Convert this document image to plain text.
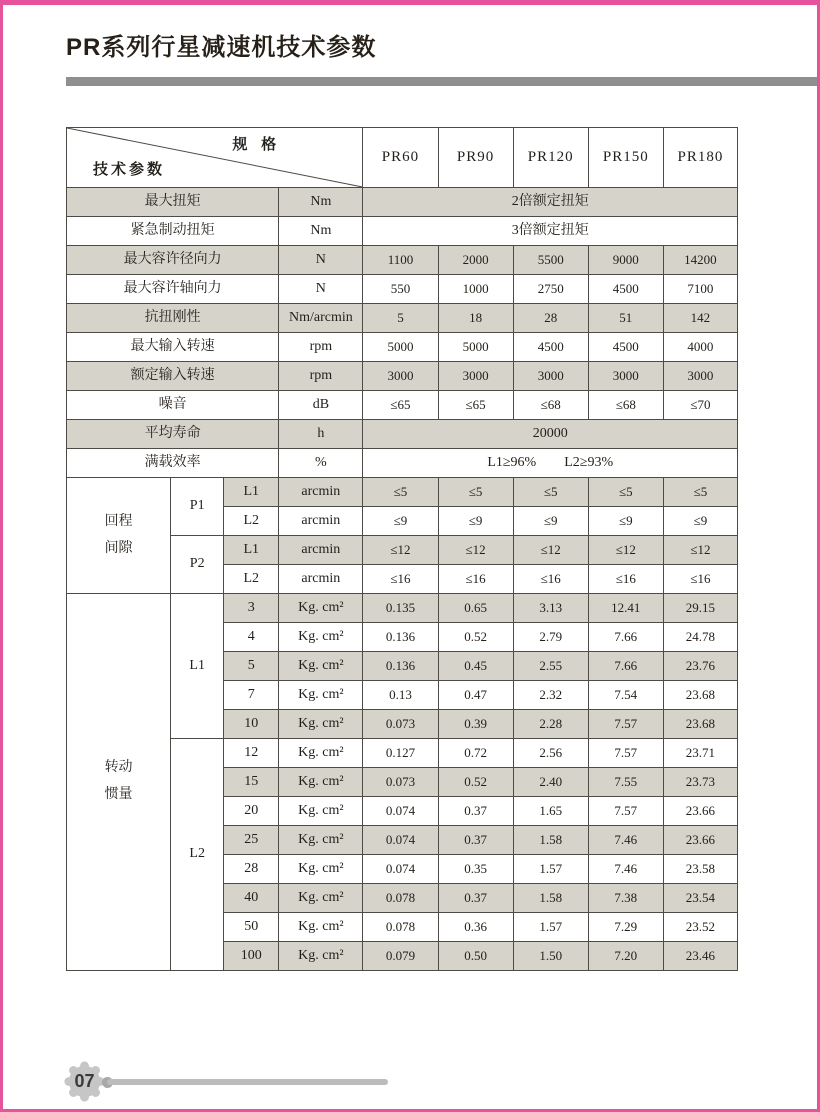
PR系列行星减速机技术参数
规 格
技术参数				PR60	PR90	PR120	PR150	PR180
最大扭矩			Nm	2倍额定扭矩				
紧急制动扭矩			Nm	3倍额定扭矩				
最大容许径向力			N	1100	2000	5500	9000	14200
最大容许轴向力			N	550	1000	2750	4500	7100
抗扭刚性			Nm/arcmin	5	18	28	51	142
最大输入转速			rpm	5000	5000	4500	4500	4000
额定输入转速			rpm	3000	3000	3000	3000	3000
噪音			dB	≤65	≤65	≤68	≤68	≤70
平均寿命			h	20000				
满载效率			%	L1≥96%　　L2≥93%				

回程
间隙	P1	L1	arcmin	≤5	≤5	≤5	≤5	≤5
		L2	arcmin	≤9	≤9	≤9	≤9	≤9
	P2	L1	arcmin	≤12	≤12	≤12	≤12	≤12
		L2	arcmin	≤16	≤16	≤16	≤16	≤16

转动
惯量	L1	3	Kg. cm²	0.135	0.65	3.13	12.41	29.15
		4	Kg. cm²	0.136	0.52	2.79	7.66	24.78
		5	Kg. cm²	0.136	0.45	2.55	7.66	23.76
		7	Kg. cm²	0.13	0.47	2.32	7.54	23.68
		10	Kg. cm²	0.073	0.39	2.28	7.57	23.68
	L2	12	Kg. cm²	0.127	0.72	2.56	7.57	23.71
		15	Kg. cm²	0.073	0.52	2.40	7.55	23.73
		20	Kg. cm²	0.074	0.37	1.65	7.57	23.66
		25	Kg. cm²	0.074	0.37	1.58	7.46	23.66
		28	Kg. cm²	0.074	0.35	1.57	7.46	23.58
		40	Kg. cm²	0.078	0.37	1.58	7.38	23.54
		50	Kg. cm²	0.078	0.36	1.57	7.29	23.52
		100	Kg. cm²	0.079	0.50	1.50	7.20	23.46
07
